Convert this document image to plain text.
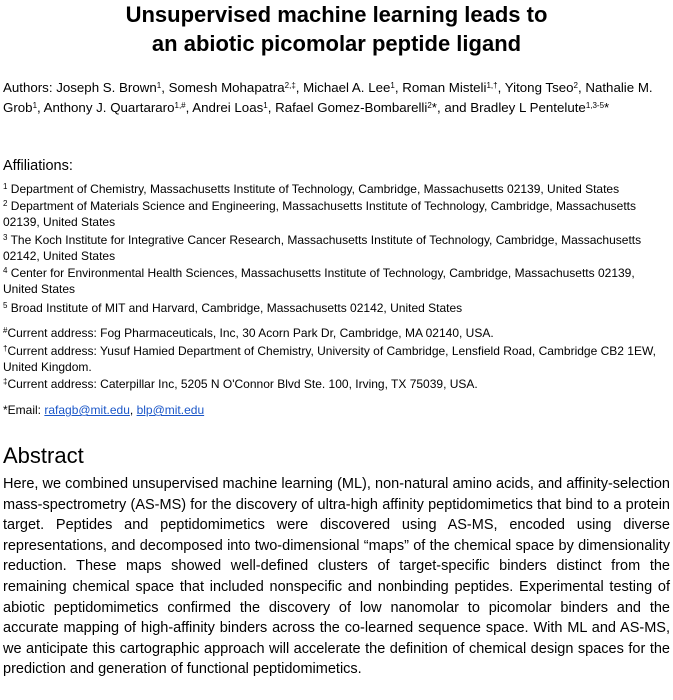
Unsupervised machine learning leads to
an abiotic picomolar peptide ligand
Authors: Joseph S. Brown$^1$, Somesh Mohapatra$^{2,\ddagger}$, Michael A. Lee$^1$, Roman Misteli$^{1,\dagger}$, Yitong Tseo$^2$, Nathalie M. Grob$^1$, Anthony J. Quartararo$^{1,\#}$, Andrei Loas$^1$, Rafael Gomez-Bombarelli$^2$*, and Bradley L Pentelute$^{1,3-5}$*
Affiliations:
$^1$ Department of Chemistry, Massachusetts Institute of Technology, Cambridge, Massachusetts 02139, United States
$^2$ Department of Materials Science and Engineering, Massachusetts Institute of Technology, Cambridge, Massachusetts 02139, United States
$^3$ The Koch Institute for Integrative Cancer Research, Massachusetts Institute of Technology, Cambridge, Massachusetts 02142, United States
$^4$ Center for Environmental Health Sciences, Massachusetts Institute of Technology, Cambridge, Massachusetts 02139, United States
$^5$ Broad Institute of MIT and Harvard, Cambridge, Massachusetts 02142, United States
#Current address: Fog Pharmaceuticals, Inc, 30 Acorn Park Dr, Cambridge, MA 02140, USA.
†Current address: Yusuf Hamied Department of Chemistry, University of Cambridge, Lensfield Road, Cambridge CB2 1EW, United Kingdom.
‡Current address: Caterpillar Inc, 5205 N O'Connor Blvd Ste. 100, Irving, TX 75039, USA.
*Email: rafagb@mit.edu, blp@mit.edu
Abstract
Here, we combined unsupervised machine learning (ML), non-natural amino acids, and affinity-selection mass-spectrometry (AS-MS) for the discovery of ultra-high affinity peptidomimetics that bind to a protein target. Peptides and peptidomimetics were discovered using AS-MS, encoded using diverse representations, and decomposed into two-dimensional “maps” of the chemical space by dimensionality reduction. These maps showed well-defined clusters of target-specific binders distinct from the remaining chemical space that included nonspecific and nonbinding peptides. Experimental testing of abiotic peptidomimetics confirmed the discovery of low nanomolar to picomolar binders and the accurate mapping of high-affinity binders across the co-learned sequence space. With ML and AS-MS, we anticipate this cartographic approach will accelerate the definition of chemical design spaces for the prediction and generation of functional peptidomimetics.
